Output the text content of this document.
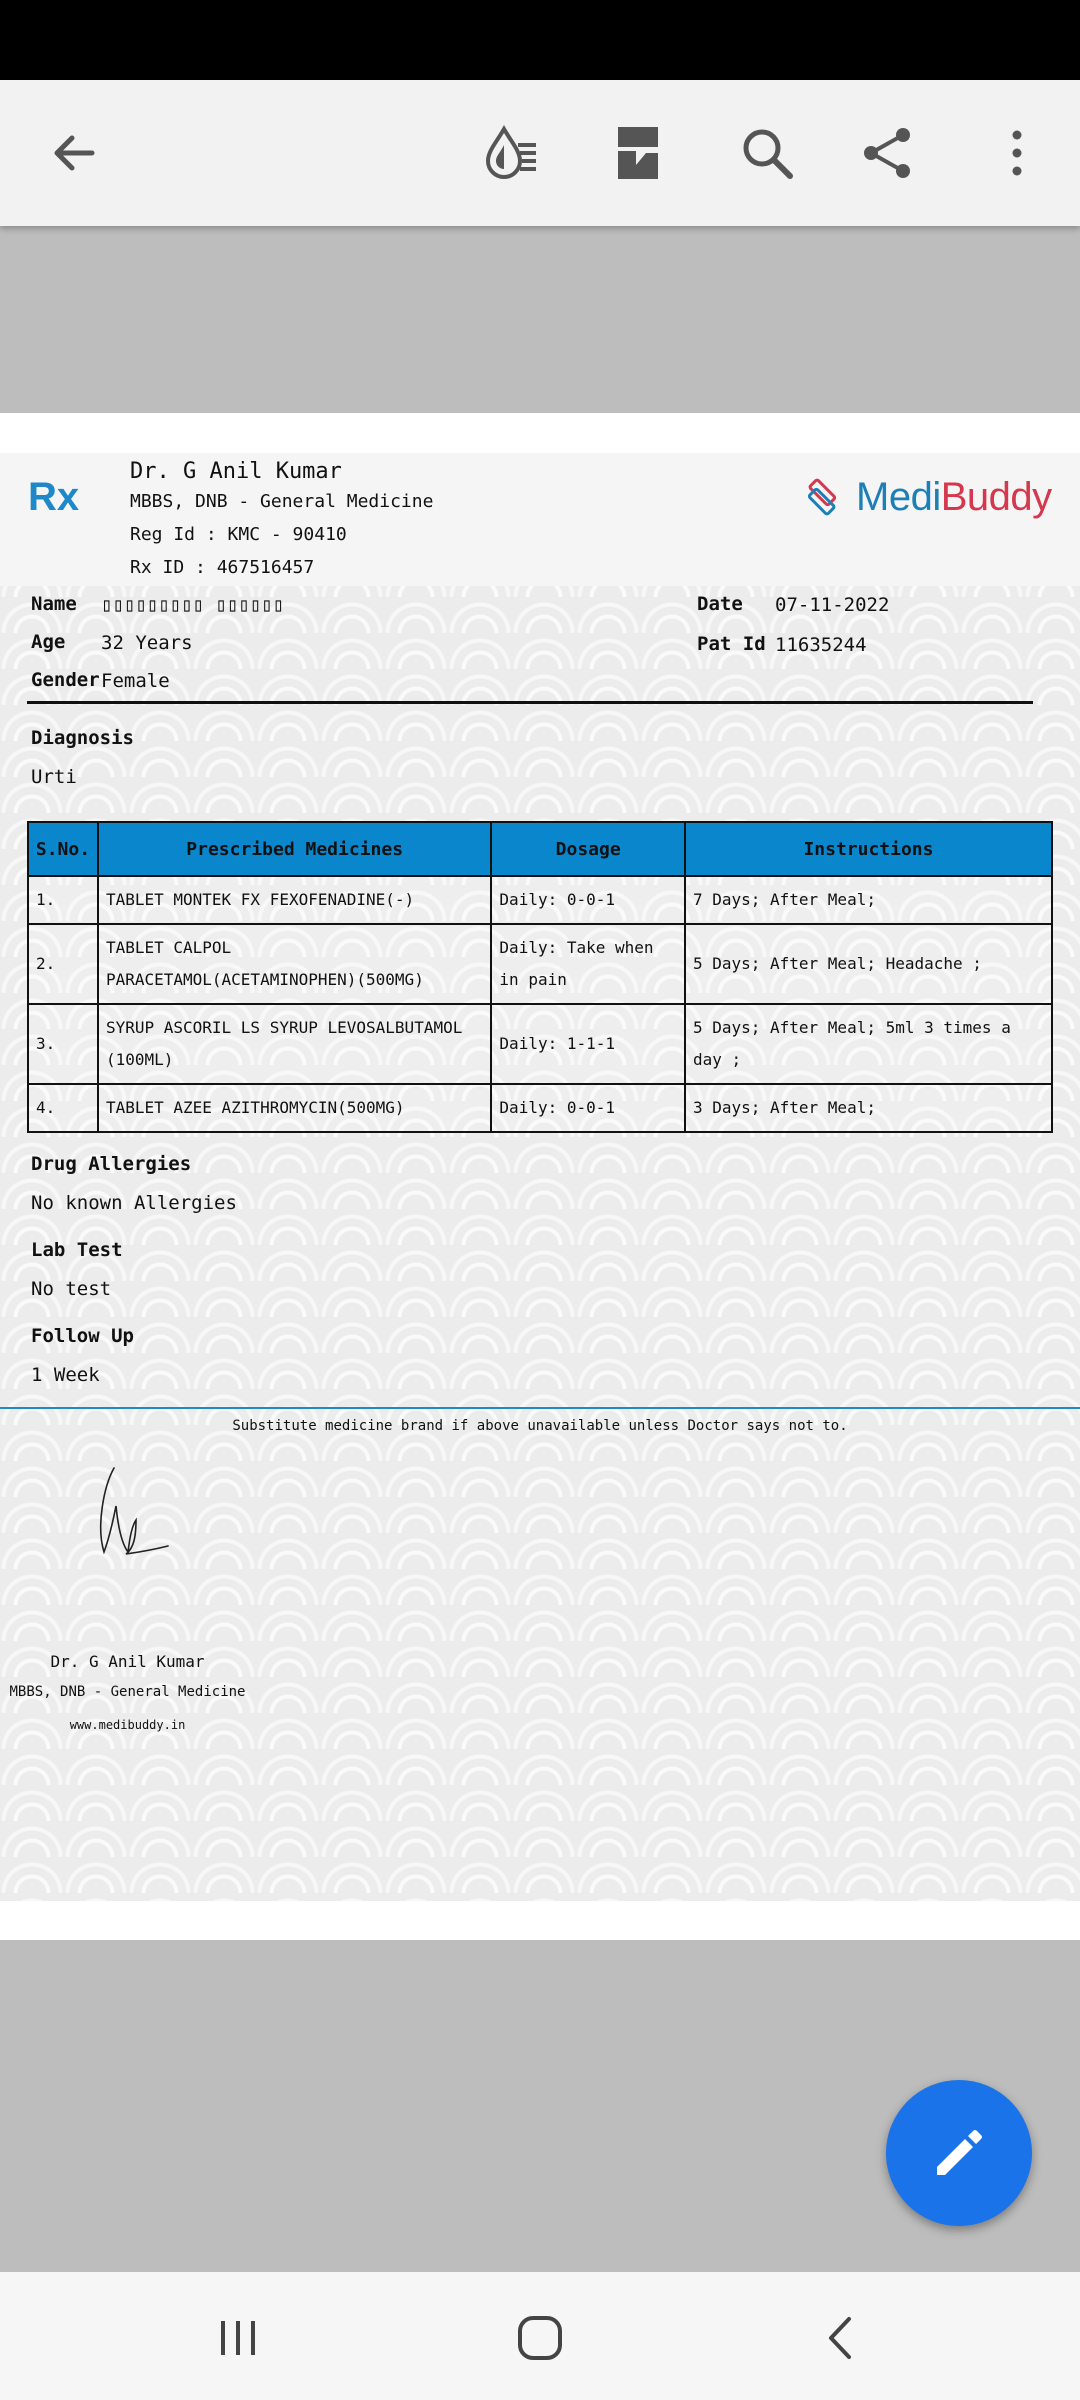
Rx
Dr. G Anil Kumar
MBBS, DNB - General Medicine
Reg Id : KMC - 90410
Rx ID : 467516457
MediBuddy
Name ▯▯▯▯▯▯▯▯▯ ▯▯▯▯▯▯
Age 32 Years
Gender Female
Date 07-11-2022
Pat Id 11635244
Diagnosis
Urti
S.No.	Prescribed Medicines	Dosage	Instructions
1.	TABLET MONTEK FX FEXOFENADINE(-)	Daily: 0-0-1	7 Days; After Meal;
2.	TABLET CALPOL PARACETAMOL(ACETAMINOPHEN)(500MG)	Daily: Take when in pain	5 Days; After Meal; Headache ;
3.	SYRUP ASCORIL LS SYRUP LEVOSALBUTAMOL (100ML)	Daily: 1-1-1	5 Days; After Meal; 5ml 3 times a day ;
4.	TABLET AZEE AZITHROMYCIN(500MG)	Daily: 0-0-1	3 Days; After Meal;
Drug Allergies
No known Allergies
Lab Test
No test
Follow Up
1 Week
Substitute medicine brand if above unavailable unless Doctor says not to.
Dr. G Anil Kumar
MBBS, DNB - General Medicine
www.medibuddy.in
